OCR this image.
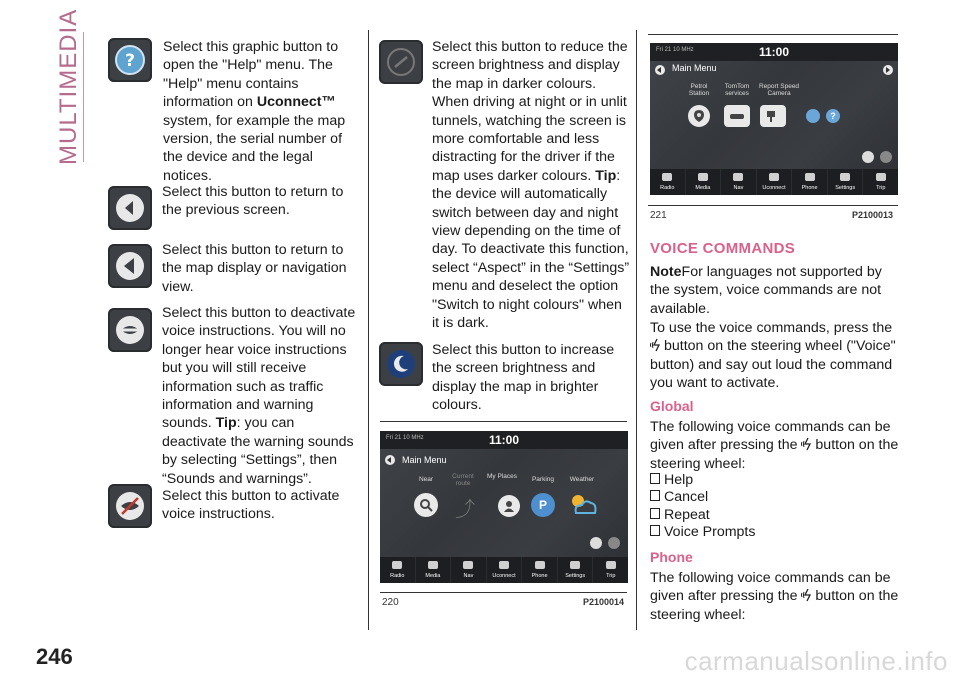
MULTIMEDIA	?

Select this graphic button to open the "Help" menu. The "Help" menu contains information on Uconnect™ system, for example the map version, the serial number of the device and the legal notices.

Select this button to return to the previous screen.

Select this button to return to the map display or navigation view.

Select this button to deactivate voice instructions. You will no longer hear voice instructions but you will still receive information such as traffic information and warning sounds. Tip: you can deactivate the warning sounds by selecting “Settings”, then “Sounds and warnings”.

Select this button to activate voice instructions.

Select this button to reduce the screen brightness and display the map in darker colours. When driving at night or in unlit tunnels, watching the screen is more comfortable and less distracting for the driver if the map uses darker colours. Tip: the device will automatically switch between day and night view depending on the time of day. To deactivate this function, select “Aspect” in the “Settings” menu and deselect the option "Switch to night colours" when it is dark.

Select this button to increase the screen brightness and display the map in brighter colours.

Fri 21 10 MHz	11:00
Main Menu
Near	Current route
My Places	Parking	Weather
⤴	P
Radio	Media	Nav	Uconnect	Phone	Settings	Trip
220	P2100014
Fri 21 10 MHz	11:00
Main Menu
Petrol Station
TomTom services
Report Speed Camera
?
Radio	Media	Nav	Uconnect	Phone	Settings	Trip
221	P2100013
VOICE COMMANDS

NoteFor languages not supported by the system, voice commands are not available.

To use the voice commands, press the button on the steering wheel ("Voice" button) and say out loud the command you want to activate.

Global

The following voice commands can be given after pressing the button on the steering wheel:

Help
Cancel
Repeat
Voice Prompts
Phone

The following voice commands can be given after pressing the button on the steering wheel:

246	carmanualsonline.info
